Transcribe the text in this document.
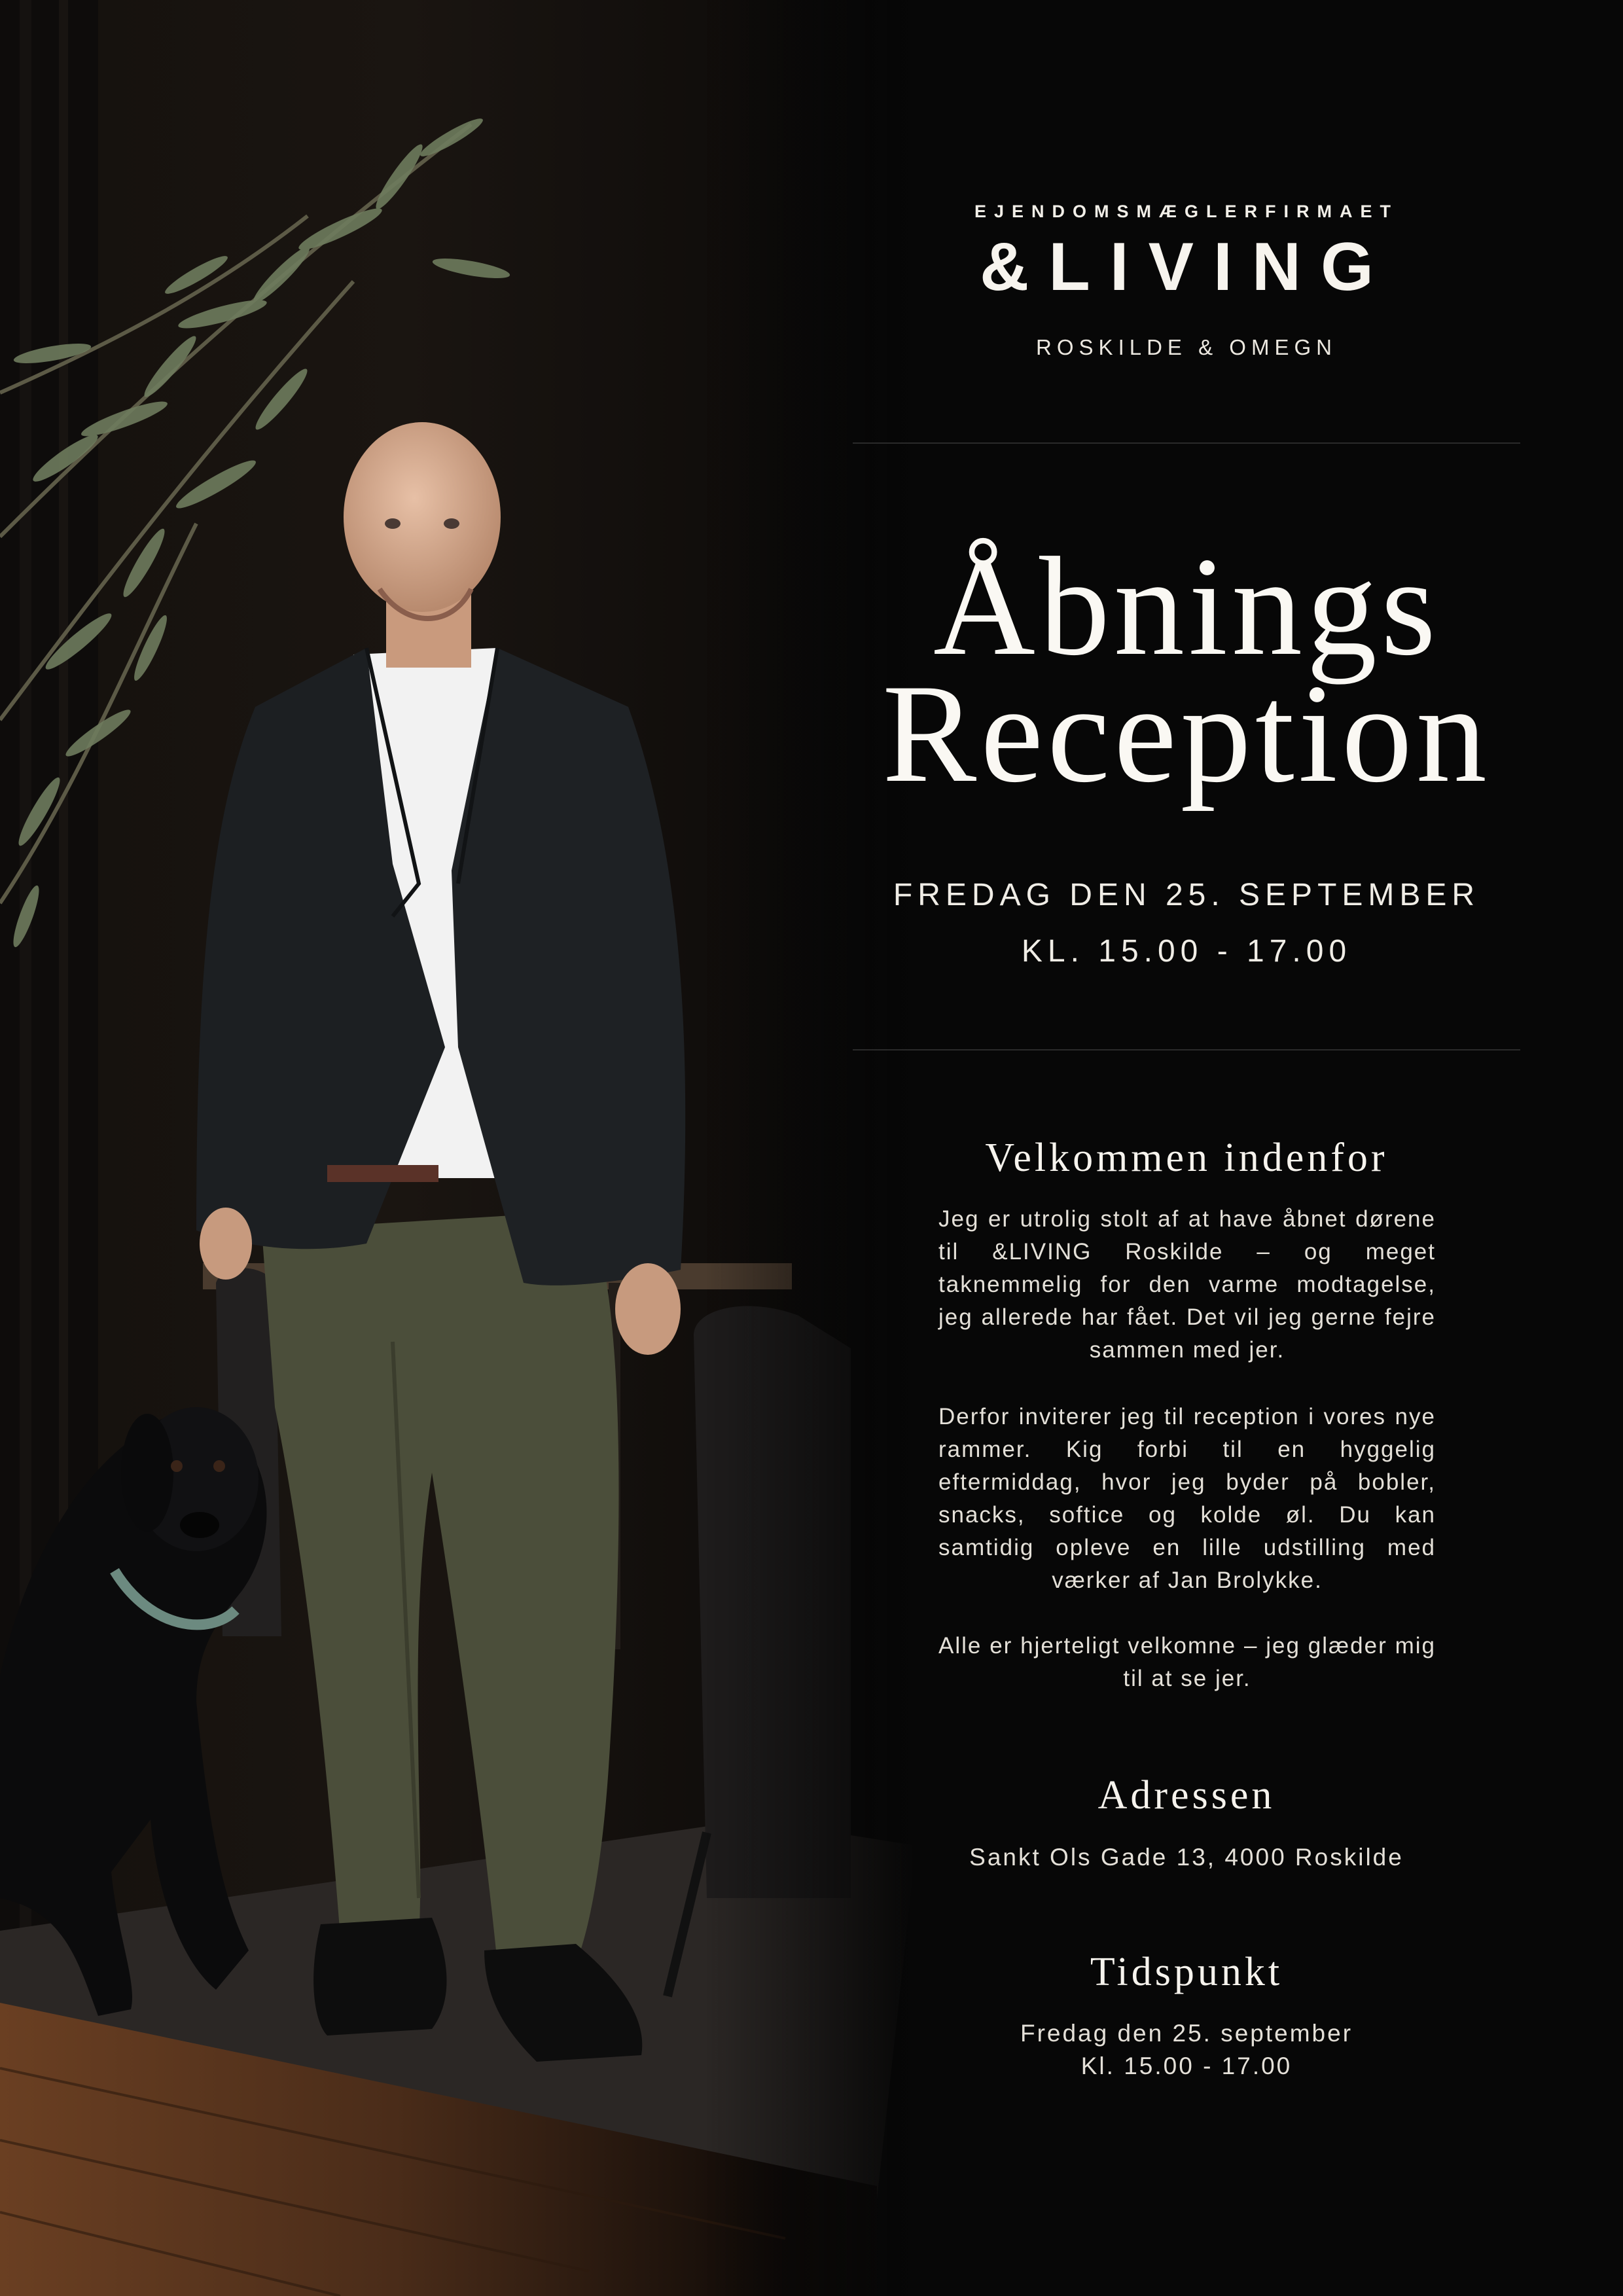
EJENDOMSMÆGLERFIRMAET
&LIVING
ROSKILDE & OMEGN
Åbnings
Reception
FREDAG DEN 25. SEPTEMBER
KL. 15.00 - 17.00
Velkommen indenfor
Jeg er utrolig stolt af at have åbnet dørene til &LIVING Roskilde – og meget taknemmelig for den varme modtagelse, jeg allerede har fået. Det vil jeg gerne fejre sammen med jer.
Derfor inviterer jeg til reception i vores nye rammer. Kig forbi til en hyggelig eftermiddag, hvor jeg byder på bobler, snacks, softice og kolde øl. Du kan samtidig opleve en lille udstilling med værker af Jan Brolykke.
Alle er hjerteligt velkomne – jeg glæder mig til at se jer.
Adressen
Sankt Ols Gade 13, 4000 Roskilde
Tidspunkt
Fredag den 25. september
Kl. 15.00 - 17.00
